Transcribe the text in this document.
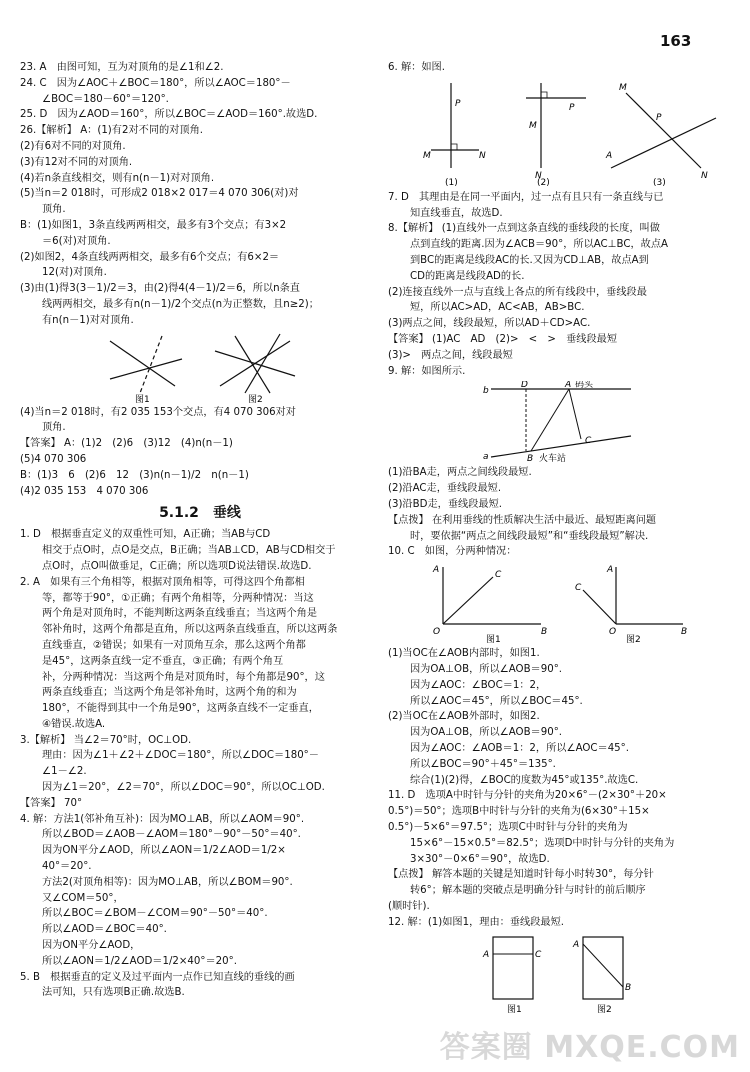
163
23. A　由图可知，互为对顶角的是∠1和∠2.
24. C　因为∠AOC＋∠BOC＝180°，所以∠AOC＝180°－
∠BOC＝180－60°＝120°.
25. D　因为∠AOD＝160°，所以∠BOC＝∠AOD＝160°.故选D.
26.【解析】 A：(1)有2对不同的对顶角.
(2)有6对不同的对顶角.
(3)有12对不同的对顶角.
(4)若n条直线相交，则有n(n－1)对对顶角.
(5)当n＝2 018时，可形成2 018×2 017＝4 070 306(对)对
顶角.
B：(1)如图1，3条直线两两相交，最多有3个交点；有3×2
＝6(对)对顶角.
(2)如图2，4条直线两两相交，最多有6个交点；有6×2＝
12(对)对顶角.
(3)由(1)得3(3－1)/2＝3，由(2)得4(4－1)/2＝6，所以n条直
线两两相交，最多有n(n－1)/2个交点(n为正整数，且n≥2)；
有n(n－1)对对顶角.
图1	图2
(4)当n＝2 018时，有2 035 153个交点，有4 070 306对对
顶角.
【答案】 A：(1)2　(2)6　(3)12　(4)n(n－1)
(5)4 070 306
B：(1)3　6　(2)6　12　(3)n(n－1)/2　n(n－1)
(4)2 035 153　4 070 306
5.1.2　垂线
1. D　根据垂直定义的双重性可知，A正确；当AB与CD
相交于点O时，点O是交点，B正确；当AB⊥CD，AB与CD相交于
点O时，点O叫做垂足，C正确；所以选项D说法错误.故选D.
2. A　如果有三个角相等，根据对顶角相等，可得这四个角都相
等，都等于90°，①正确；有两个角相等，分两种情况：当这
两个角是对顶角时，不能判断这两条直线垂直；当这两个角是
邻补角时，这两个角都是直角，所以这两条直线垂直，所以这两条
直线垂直，②错误；如果有一对顶角互余，那么这两个角都
是45°，这两条直线一定不垂直，③正确；有两个角互
补，分两种情况：当这两个角是对顶角时，每个角都是90°，这
两条直线垂直；当这两个角是邻补角时，这两个角的和为
180°，不能得到其中一个角是90°，这两条直线不一定垂直，
④错误.故选A.
3.【解析】 当∠2＝70°时，OC⊥OD.
理由：因为∠1＋∠2＋∠DOC＝180°，所以∠DOC＝180°－
∠1－∠2.
因为∠1＝20°，∠2＝70°，所以∠DOC＝90°，所以OC⊥OD.
【答案】 70°
4. 解：方法1(邻补角互补)：因为MO⊥AB，所以∠AOM＝90°.
所以∠BOD＝∠AOB－∠AOM＝180°－90°－50°＝40°.
因为ON平分∠AOD，所以∠AON＝1/2∠AOD＝1/2×
40°＝20°.
方法2(对顶角相等)：因为MO⊥AB，所以∠BOM＝90°.
又∠COM＝50°，
所以∠BOC＝∠BOM－∠COM＝90°－50°＝40°.
所以∠AOD＝∠BOC＝40°.
因为ON平分∠AOD，
所以∠AON＝1/2∠AOD＝1/2×40°＝20°.
5. B　根据垂直的定义及过平面内一点作已知直线的垂线的画
法可知，只有选项B正确.故选B.
6. 解：如图.
P
M	N
(1)
M
P
N
(2)
M
P
A
N
(3)
7. D　其理由是在同一平面内，过一点有且只有一条直线与已
知直线垂直，故选D.
8.【解析】 (1)直线外一点到这条直线的垂线段的长度，叫做
点到直线的距离.因为∠ACB＝90°，所以AC⊥BC，故点A
到BC的距离是线段AC的长.又因为CD⊥AB，故点A到
CD的距离是线段AD的长.
(2)连接直线外一点与直线上各点的所有线段中，垂线段最
短，所以AC>AD，AC<AB，AB>BC.
(3)两点之间，线段最短，所以AD＋CD>AC.
【答案】 (1)AC　AD　(2)>　<　>　垂线段最短
(3)>　两点之间，线段最短
9. 解：如图所示.
b
D	A 码头
C
a	B 火车站
(1)沿BA走，两点之间线段最短.
(2)沿AC走，垂线段最短.
(3)沿BD走，垂线段最短.
【点拨】 在利用垂线的性质解决生活中最近、最短距离问题
时，要依据“两点之间线段最短”和“垂线段最短”解决.
10. C　如图，分两种情况：
A	C
O	B
图1
A
C
O	B
图2
(1)当OC在∠AOB内部时，如图1.
因为OA⊥OB，所以∠AOB＝90°.
因为∠AOC：∠BOC＝1：2，
所以∠AOC＝45°，所以∠BOC＝45°.
(2)当OC在∠AOB外部时，如图2.
因为OA⊥OB，所以∠AOB＝90°.
因为∠AOC：∠AOB＝1：2，所以∠AOC＝45°.
所以∠BOC＝90°＋45°＝135°.
综合(1)(2)得，∠BOC的度数为45°或135°.故选C.
11. D　选项A中时针与分针的夹角为20×6°－(2×30°＋20×
0.5°)＝50°；选项B中时针与分针的夹角为(6×30°＋15×
0.5°)－5×6°＝97.5°；选项C中时针与分针的夹角为
15×6°－15×0.5°＝82.5°；选项D中时针与分针的夹角为
3×30°－0×6°＝90°，故选D.
【点拨】 解答本题的关键是知道时针每小时转30°，每分针
转6°；解本题的突破点是明确分针与时针的前后顺序
(顺时针).
12. 解：(1)如图1，理由：垂线段最短.
A	C
图1
A
B
图2
答案圈 MXQE.COM
